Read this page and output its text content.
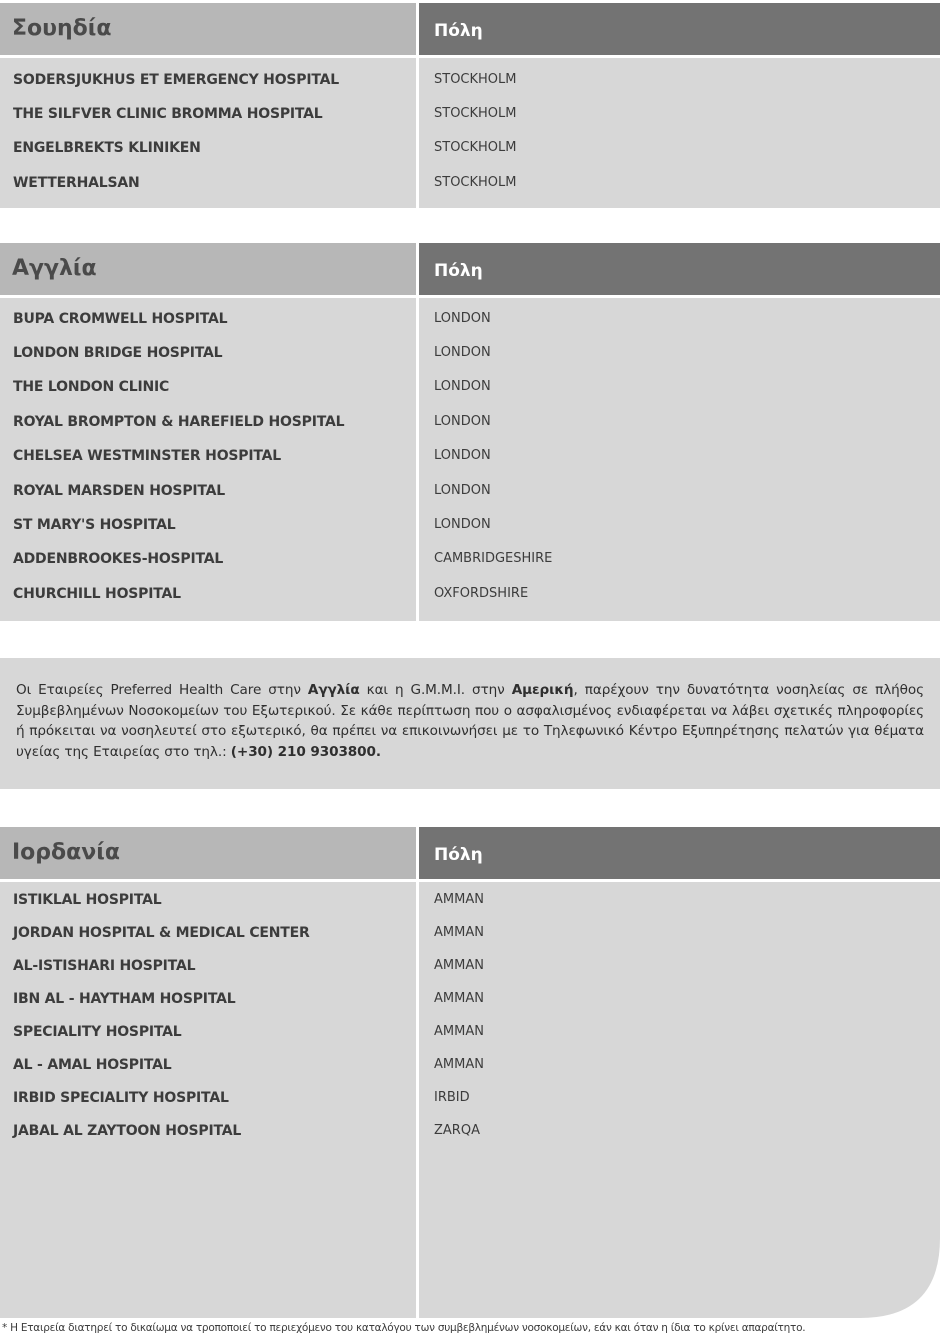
Σουηδία	Πόλη
SODERSJUKHUS ET EMERGENCY HOSPITAL	STOCKHOLM
THE SILFVER CLINIC BROMMA HOSPITAL	STOCKHOLM
ENGELBREKTS KLINIKEN	STOCKHOLM
WETTERHALSAN	STOCKHOLM
Αγγλία	Πόλη
BUPA CROMWELL HOSPITAL	LONDON
LONDON BRIDGE HOSPITAL	LONDON
THE LONDON CLINIC	LONDON
ROYAL BROMPTON & HAREFIELD HOSPITAL	LONDON
CHELSEA WESTMINSTER HOSPITAL	LONDON
ROYAL MARSDEN HOSPITAL	LONDON
ST MARY'S HOSPITAL	LONDON
ADDENBROOKES-HOSPITAL	CAMBRIDGESHIRE
CHURCHILL HOSPITAL	OXFORDSHIRE
Οι Εταιρείες Preferred Health Care στην Αγγλία και η G.M.M.I. στην Αμερική, παρέχουν την δυνατότητα νοσηλείας σε πλήθος Συμβεβλημένων Νοσοκομείων του Εξωτερικού. Σε κάθε περίπτωση που ο ασφαλισμένος ενδιαφέρεται να λάβει σχετικές πληροφορίες ή πρόκειται να νοσηλευτεί στο εξωτερικό, θα πρέπει να επικοινωνήσει με το Τηλεφωνικό Κέντρο Εξυπηρέτησης πελατών για θέματα υγείας της Εταιρείας στο τηλ.: (+30) 210 9303800.
Ιορδανία	Πόλη
ISTIKLAL HOSPITAL	AMMAN
JORDAN HOSPITAL & MEDICAL CENTER	AMMAN
AL-ISTISHARI HOSPITAL	AMMAN
IBN AL - HAYTHAM HOSPITAL	AMMAN
SPECIALITY HOSPITAL	AMMAN
AL - AMAL HOSPITAL	AMMAN
IRBID SPECIALITY HOSPITAL	IRBID
JABAL AL ZAYTOON HOSPITAL	ZARQA
* Η Εταιρεία διατηρεί το δικαίωμα να τροποποιεί το περιεχόμενο του καταλόγου των συμβεβλημένων νοσοκομείων, εάν και όταν η ίδια το κρίνει απαραίτητο.
